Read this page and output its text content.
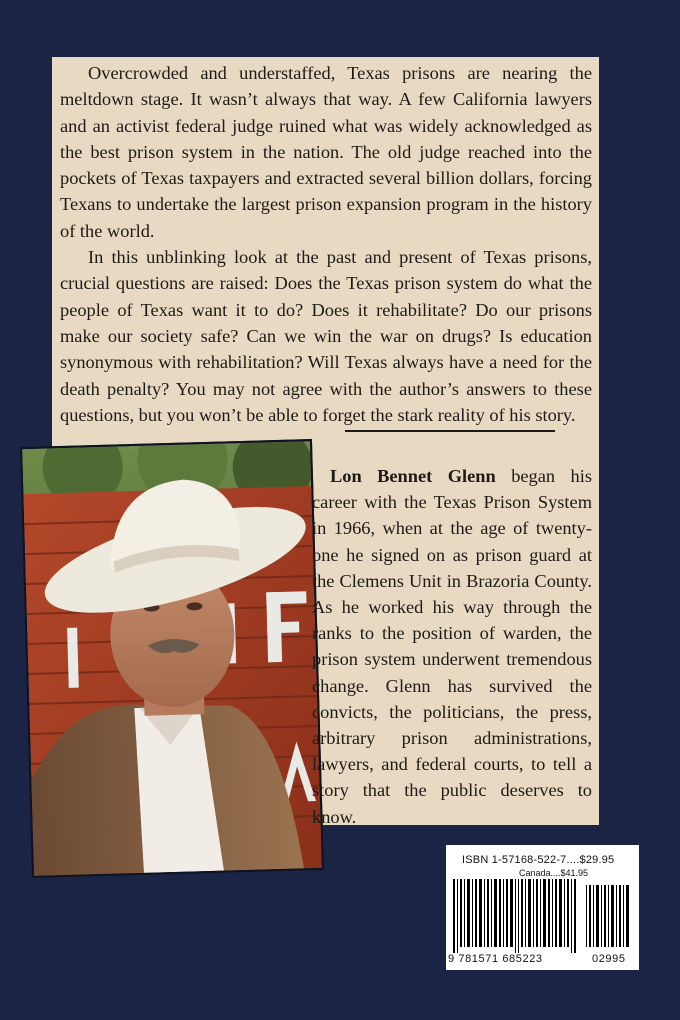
Overcrowded and understaffed, Texas prisons are nearing the meltdown stage. It wasn’t always that way. A few California lawyers and an activist federal judge ruined what was widely acknowledged as the best prison system in the nation. The old judge reached into the pockets of Texas taxpayers and extracted several billion dollars, forcing Texans to undertake the largest prison expansion program in the history of the world.

In this unblinking look at the past and present of Texas prisons, crucial questions are raised: Does the Texas prison system do what the people of Texas want it to do? Does it rehabilitate? Do our prisons make our society safe? Can we win the war on drugs? Is education synonymous with rehabilitation? Will Texas always have a need for the death penalty? You may not agree with the author’s answers to these questions, but you won’t be able to forget the stark reality of his story.

Lon Bennet Glenn began his career with the Texas Prison System in 1966, when at the age of twenty-one he signed on as prison guard at the Clemens Unit in Brazoria County. As he worked his way through the ranks to the position of warden, the prison system underwent tremendous change. Glenn has survived the convicts, the politicians, the press, arbitrary prison administrations, lawyers, and federal courts, to tell a story that the public deserves to know.
ISBN 1-57168-522-7....$29.95
Canada....$41.95
9 781571 685223	02995
